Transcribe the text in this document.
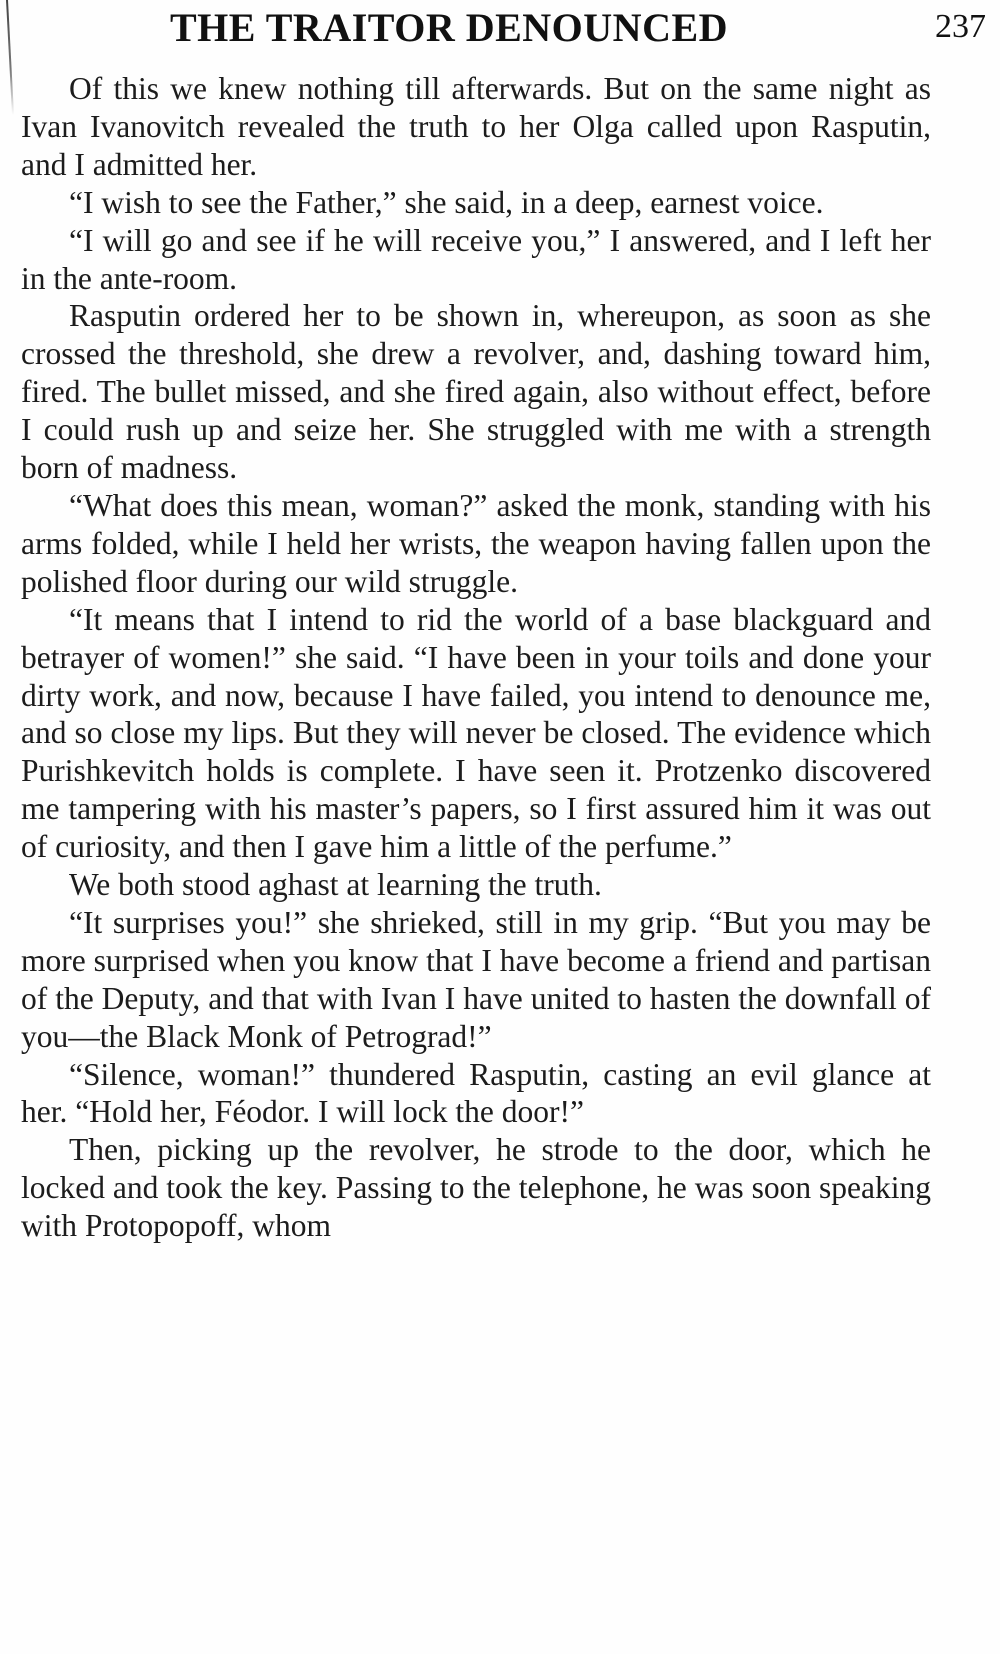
THE TRAITOR DENOUNCED	237

Of this we knew nothing till afterwards. But on the same night as Ivan Ivanovitch revealed the truth to her Olga called upon Rasputin, and I admitted her.

“I wish to see the Father,” she said, in a deep, earnest voice.

“I will go and see if he will receive you,” I answered, and I left her in the ante-room.

Rasputin ordered her to be shown in, whereupon, as soon as she crossed the threshold, she drew a revolver, and, dashing toward him, fired. The bullet missed, and she fired again, also without effect, before I could rush up and seize her. She struggled with me with a strength born of madness.

“What does this mean, woman?” asked the monk, standing with his arms folded, while I held her wrists, the weapon having fallen upon the polished floor during our wild struggle.

“It means that I intend to rid the world of a base blackguard and betrayer of women!” she said. “I have been in your toils and done your dirty work, and now, because I have failed, you intend to denounce me, and so close my lips. But they will never be closed. The evidence which Purishkevitch holds is complete. I have seen it. Protzenko discovered me tampering with his master’s papers, so I first assured him it was out of curiosity, and then I gave him a little of the perfume.”

We both stood aghast at learning the truth.

“It surprises you!” she shrieked, still in my grip. “But you may be more surprised when you know that I have become a friend and partisan of the Deputy, and that with Ivan I have united to hasten the downfall of you—the Black Monk of Petrograd!”

“Silence, woman!” thundered Rasputin, casting an evil glance at her. “Hold her, Féodor. I will lock the door!”

Then, picking up the revolver, he strode to the door, which he locked and took the key. Passing to the telephone, he was soon speaking with Protopopoff, whom
